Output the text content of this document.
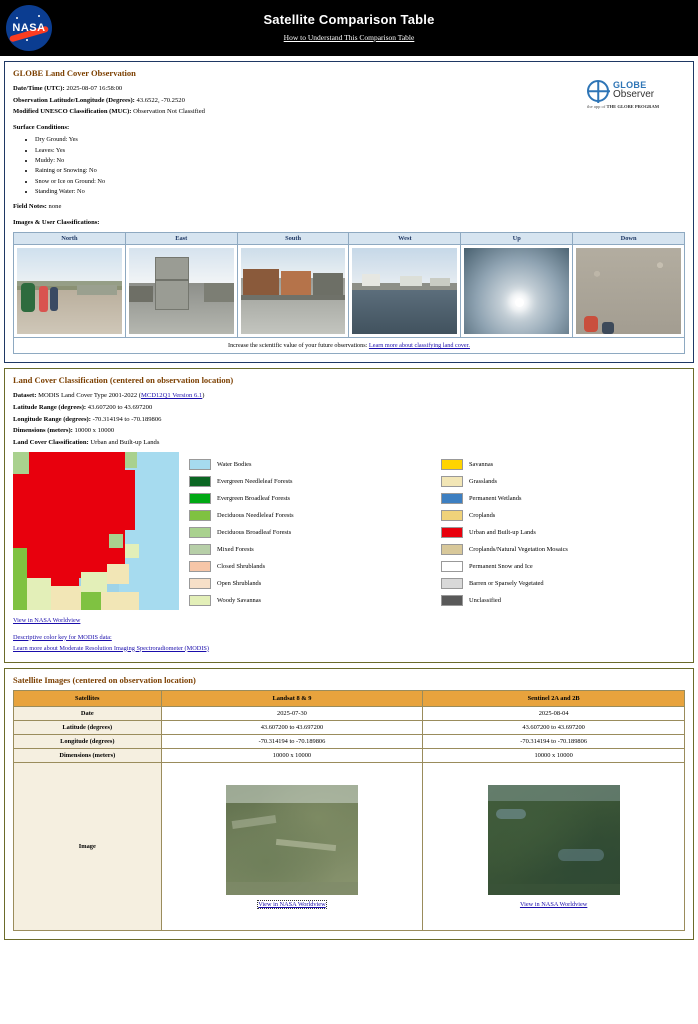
NASA
Satellite Comparison Table
How to Understand This Comparison Table
GLOBE Land Cover Observation
GLOBE
Observer
the app of THE GLOBE PROGRAM
Date/Time (UTC): 2025-08-07 16:58:00
Observation Latitude/Longitude (Degrees): 43.6522, -70.2520
Modified UNESCO Classification (MUC): Observation Not Classified
Surface Conditions:
• Dry Ground: Yes
• Leaves: Yes
• Muddy: No
• Raining or Snowing: No
• Snow or Ice on Ground: No
• Standing Water: No
Field Notes: none
Images & User Classifications:
North	East	South	West	Up	Down

Increase the scientific value of your future observations: Learn more about classifying land cover.					
Land Cover Classification (centered on observation location)
Dataset: MODIS Land Cover Type 2001-2022 (MCD12Q1 Version 6.1)
Latitude Range (degrees): 43.607200 to 43.697200
Longitude Range (degrees): -70.314194 to -70.189806
Dimensions (meters): 10000 x 10000
Land Cover Classification: Urban and Built-up Lands
Water Bodies	Savannas
Evergreen Needleleaf Forests	Grasslands
Evergreen Broadleaf Forests	Permanent Wetlands
Deciduous Needleleaf Forests	Croplands
Deciduous Broadleaf Forests	Urban and Built-up Lands
Mixed Forests	Croplands/Natural Vegetation Mosaics
Closed Shrublands	Permanent Snow and Ice
Open Shrublands	Barren or Sparsely Vegetated
Woody Savannas	Unclassified
View in NASA Worldview
Descriptive color key for MODIS data:
Learn more about Moderate Resolution Imaging Spectroradiometer (MODIS)
Satellite Images (centered on observation location)
Satellites	Landsat 8 & 9	Sentinel 2A and 2B
Date	2025-07-30	2025-08-04
Latitude (degrees)	43.607200 to 43.697200	43.607200 to 43.697200
Longitude (degrees)	-70.314194 to -70.189806	-70.314194 to -70.189806
Dimensions (meters)	10000 x 10000	10000 x 10000
Image	View in NASA Worldview	View in NASA Worldview
